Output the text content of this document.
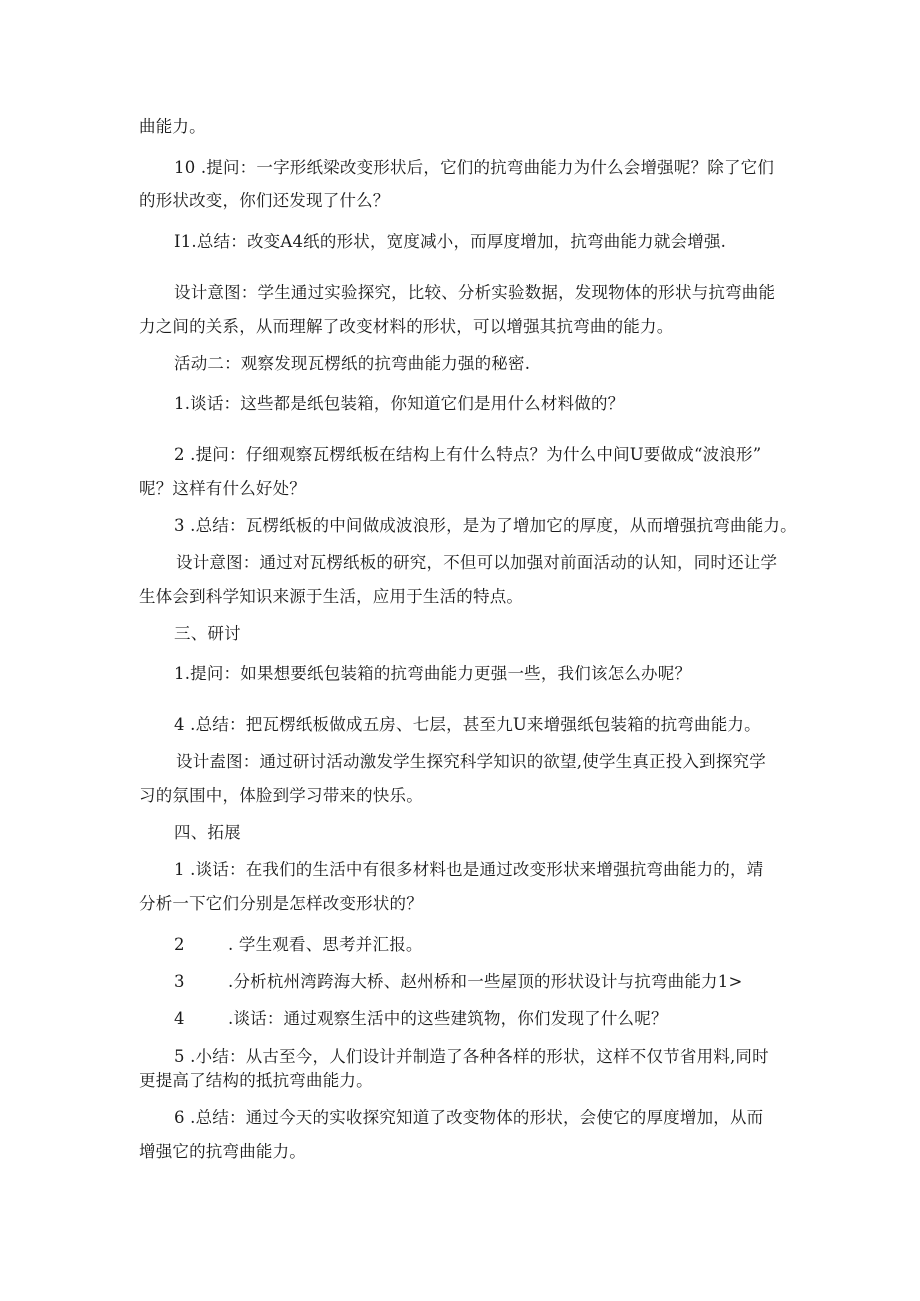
曲能力。

10 .提问：一字形纸梁改变形状后，它们的抗弯曲能力为什么会增强呢？除了它们

的形状改变，你们还发现了什么？

I1.总结：改变A4纸的形状，宽度减小，而厚度增加，抗弯曲能力就会增强.

设计意图：学生通过实验探究，比较、分析实验数据，发现物体的形状与抗弯曲能

力之间的关系，从而理解了改变材料的形状，可以增强其抗弯曲的能力。

活动二：观察发现瓦楞纸的抗弯曲能力强的秘密.

1.谈话：这些都是纸包装箱，你知道它们是用什么材料做的？

2 .提问：仔细观察瓦楞纸板在结构上有什么特点？为什么中间U要做成“波浪形”

呢？这样有什么好处？

3 .总结：瓦楞纸板的中间做成波浪形，是为了增加它的厚度，从而增强抗弯曲能力。

设计意图：通过对瓦楞纸板的研究，不但可以加强对前面活动的认知，同时还让学

生体会到科学知识来源于生活，应用于生活的特点。

三、研讨

1.提问：如果想要纸包装箱的抗弯曲能力更强一些，我们该怎么办呢？

4 .总结：把瓦楞纸板做成五房、七层，甚至九U来增强纸包装箱的抗弯曲能力。

设计盍图：通过研讨活动激发学生探究科学知识的欲望,使学生真正投入到探究学

习的氛围中，体脸到学习带来的快乐。

四、拓展

1 .谈话：在我们的生活中有很多材料也是通过改变形状来增强抗弯曲能力的，靖

分析一下它们分别是怎样改变形状的？

2	. 学生观看、思考并汇报。

3	.分析杭州湾跨海大桥、赵州桥和一些屋顶的形状设计与抗弯曲能力1>

4	.谈话：通过观察生活中的这些建筑物，你们发现了什么呢？

5 .小结：从古至今，人们设计并制造了各种各样的形状，这样不仅节省用料,同时

更提高了结构的抵抗弯曲能力。

6 .总结：通过今天的实收探究知道了改变物体的形状，会使它的厚度增加，从而

增强它的抗弯曲能力。
